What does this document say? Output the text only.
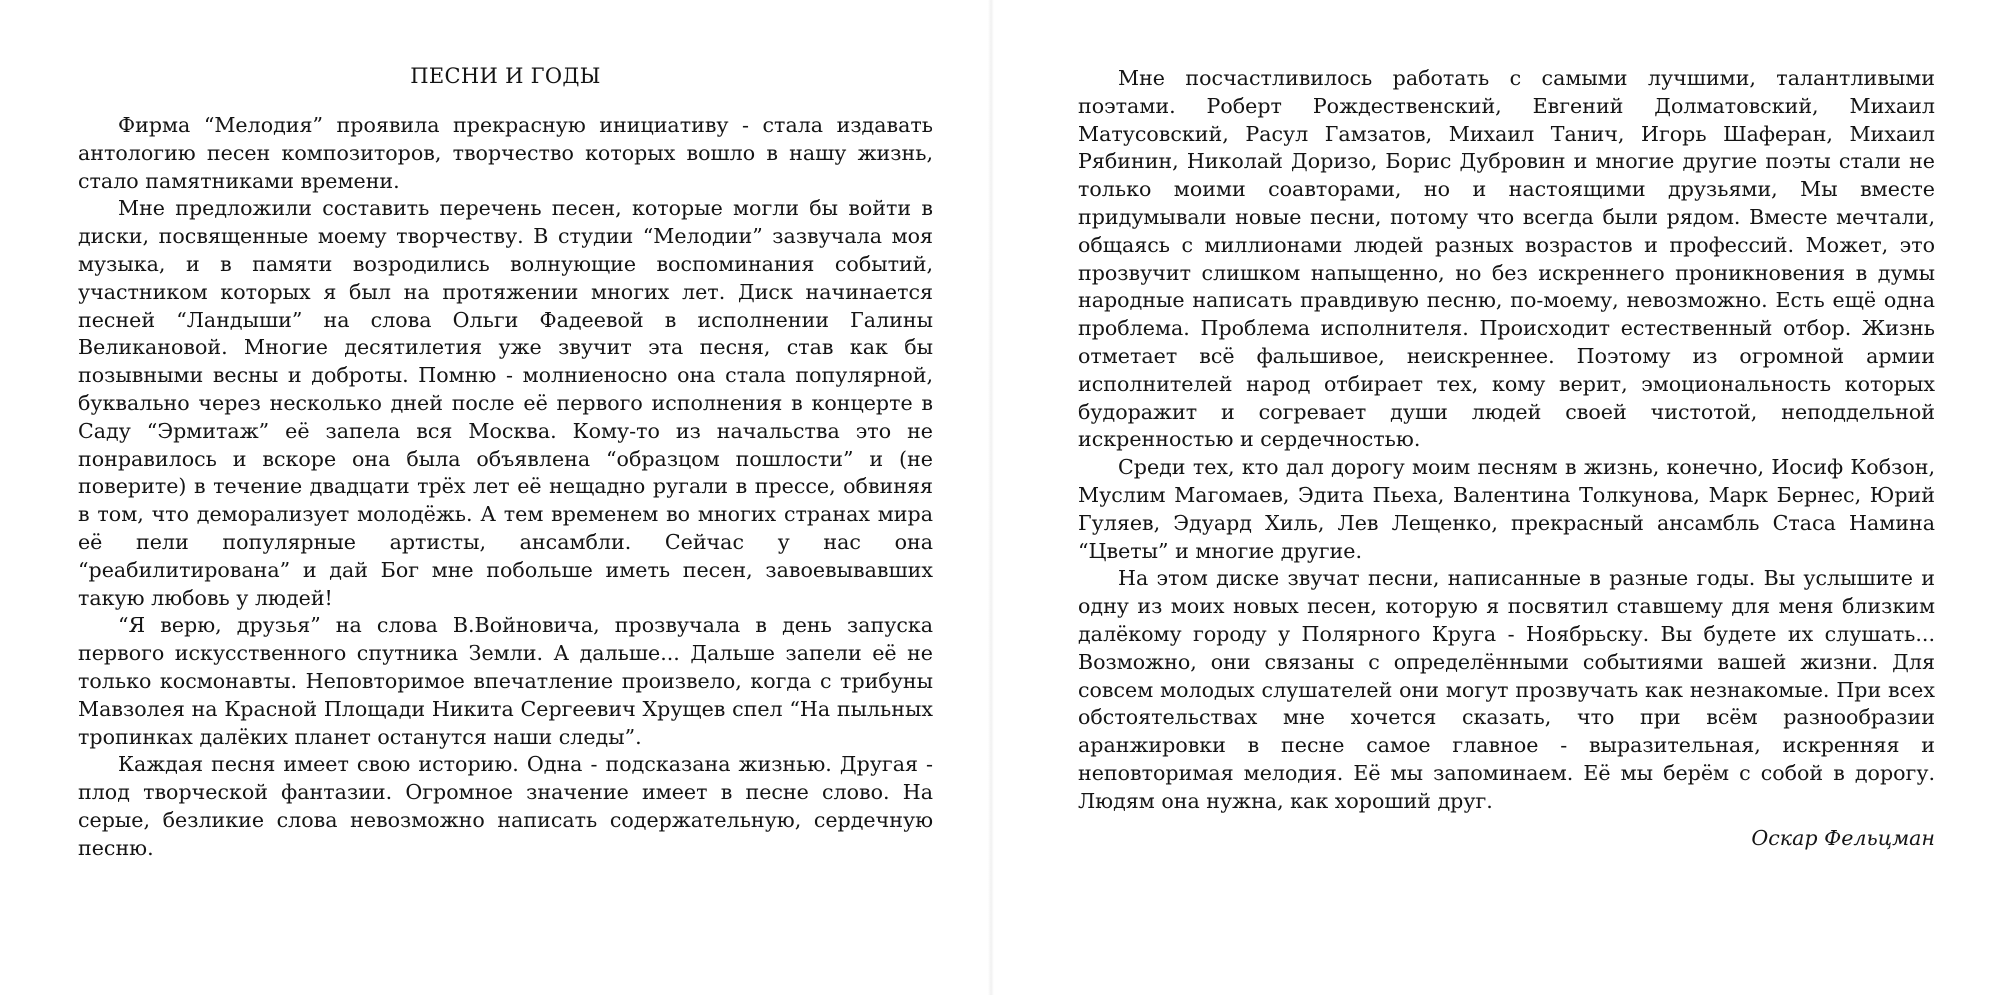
ПЕСНИ И ГОДЫ

Фирма “Мелодия” проявила прекрасную инициативу - стала издавать антологию песен композиторов, творчество которых вошло в нашу жизнь, стало памятниками времени.

Мне предложили составить перечень песен, которые могли бы войти в диски, посвященные моему творчеству. В студии “Мелодии” зазвучала моя музыка, и в памяти возродились волнующие воспоминания событий, участником которых я был на протяжении многих лет. Диск начинается песней “Ландыши” на слова Ольги Фадеевой в исполнении Галины Великановой. Многие десятилетия уже звучит эта песня, став как бы позывными весны и доброты. Помню - молниеносно она стала популярной, буквально через несколько дней после её первого исполнения в концерте в Саду “Эрмитаж” её запела вся Москва. Кому-то из начальства это не понравилось и вскоре она была объявлена “образцом пошлости” и (не поверите) в течение двадцати трёх лет её нещадно ругали в прессе, обвиняя в том, что деморализует молодёжь. А тем временем во многих странах мира её пели популярные артисты, ансамбли. Сейчас у нас она “реабилитирована” и дай Бог мне побольше иметь песен, завоевывавших такую любовь у людей!

“Я верю, друзья” на слова В.Войновича, прозвучала в день запуска первого искусственного спутника Земли. А дальше... Дальше запели её не только космонавты. Неповторимое впечатление произвело, когда с трибуны Мавзолея на Красной Площади Никита Сергеевич Хрущев спел “На пыльных тропинках далёких планет останутся наши следы”.

Каждая песня имеет свою историю. Одна - подсказана жизнью. Другая - плод творческой фантазии. Огромное значение имеет в песне слово. На серые, безликие слова невозможно написать содержательную, сердечную песню.

Мне посчастливилось работать с самыми лучшими, талантливыми поэтами. Роберт Рождественский, Евгений Долматовский, Михаил Матусовский, Расул Гамзатов, Михаил Танич, Игорь Шаферан, Михаил Рябинин, Николай Доризо, Борис Дубровин и многие другие поэты стали не только моими соавторами, но и настоящими друзьями, Мы вместе придумывали новые песни, потому что всегда были рядом. Вместе мечтали, общаясь с миллионами людей разных возрастов и профессий. Может, это прозвучит слишком напыщенно, но без искреннего проникновения в думы народные написать правдивую песню, по-моему, невозможно. Есть ещё одна проблема. Проблема исполнителя. Происходит естественный отбор. Жизнь отметает всё фальшивое, неискреннее. Поэтому из огромной армии исполнителей народ отбирает тех, кому верит, эмоциональность которых будоражит и согревает души людей своей чистотой, неподдельной искренностью и сердечностью.

Среди тех, кто дал дорогу моим песням в жизнь, конечно, Иосиф Кобзон, Муслим Магомаев, Эдита Пьеха, Валентина Толкунова, Марк Бернес, Юрий Гуляев, Эдуард Хиль, Лев Лещенко, прекрасный ансамбль Стаса Намина “Цветы” и многие другие.

На этом диске звучат песни, написанные в разные годы. Вы услышите и одну из моих новых песен, которую я посвятил ставшему для меня близким далёкому городу у Полярного Круга - Ноябрьску. Вы будете их слушать... Возможно, они связаны с определёнными событиями вашей жизни. Для совсем молодых слушателей они могут прозвучать как незнакомые. При всех обстоятельствах мне хочется сказать, что при всём разнообразии аранжировки в песне самое главное - выразительная, искренняя и неповторимая мелодия. Её мы запоминаем. Её мы берём с собой в дорогу. Людям она нужна, как хороший друг.

Оскар Фельцман
